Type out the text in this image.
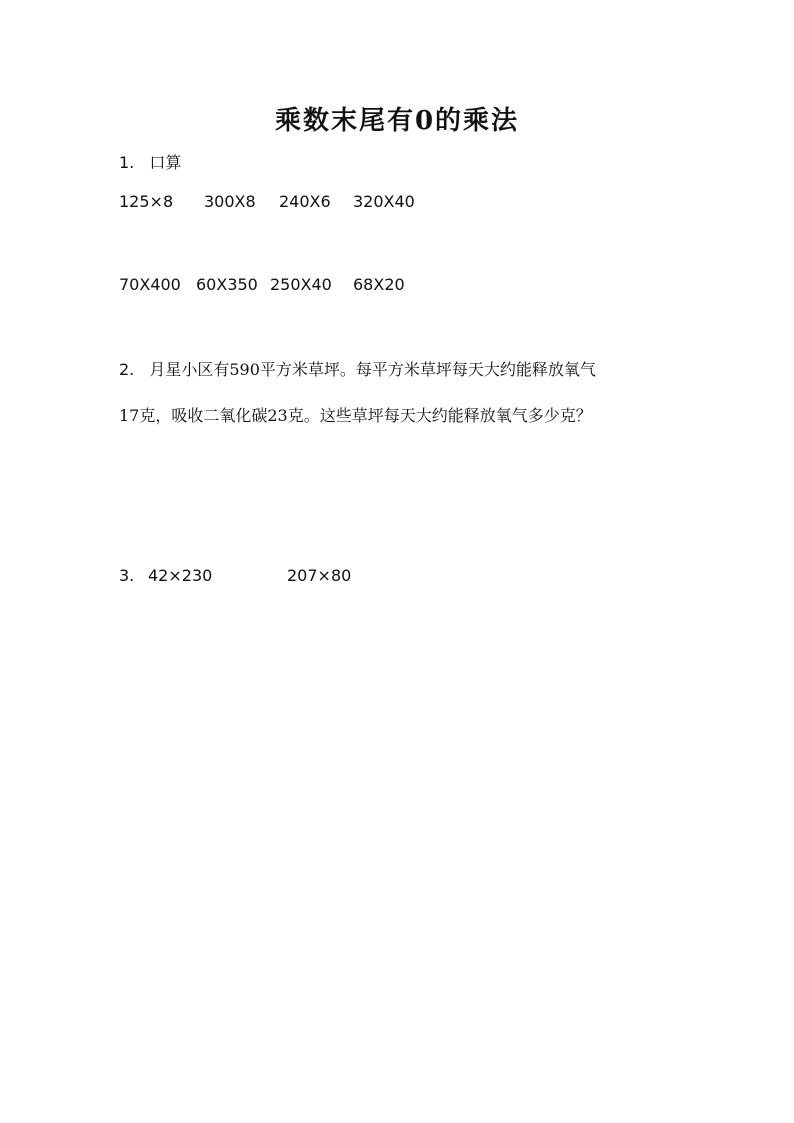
乘数末尾有0的乘法
1. 口算
125×8 300X8 240X6 320X40
70X400 60X350 250X40 68X20
2. 月星小区有590平方米草坪。每平方米草坪每天大约能释放氧气
17克，吸收二氧化碳23克。这些草坪每天大约能释放氧气多少克？
3. 42×230	207×80
